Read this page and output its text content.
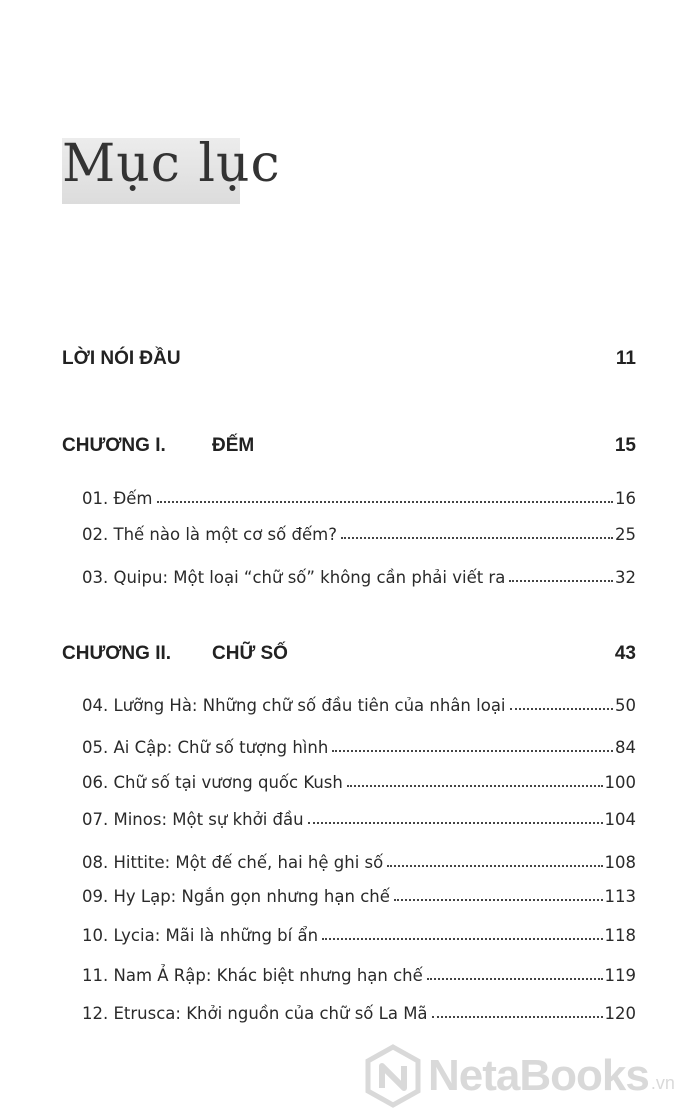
Mục lục
LỜI NÓI ĐẦU	11
CHƯƠNG I.	ĐẾM	15
01. Đếm	16
02. Thế nào là một cơ số đếm?	25
03. Quipu: Một loại “chữ số” không cần phải viết ra	32
CHƯƠNG II.	CHỮ SỐ	43
04. Lưỡng Hà: Những chữ số đầu tiên của nhân loại	50
05. Ai Cập: Chữ số tượng hình	84
06. Chữ số tại vương quốc Kush	100
07. Minos: Một sự khởi đầu	104
08. Hittite: Một đế chế, hai hệ ghi số	108
09. Hy Lạp: Ngắn gọn nhưng hạn chế	113
10. Lycia: Mãi là những bí ẩn	118
11. Nam Ả Rập: Khác biệt nhưng hạn chế	119
12. Etrusca: Khởi nguồn của chữ số La Mã	120
NetaBooks .vn
